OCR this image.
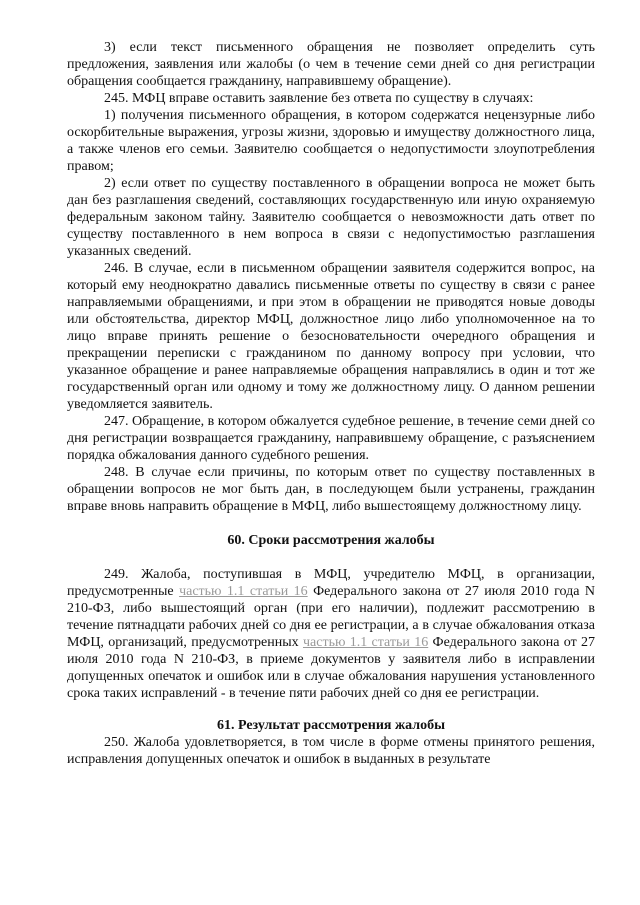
3) если текст письменного обращения не позволяет определить суть предложения, заявления или жалобы (о чем в течение семи дней со дня регистрации обращения сообщается гражданину, направившему обращение).

245. МФЦ вправе оставить заявление без ответа по существу в случаях:

1) получения письменного обращения, в котором содержатся нецензурные либо оскорбительные выражения, угрозы жизни, здоровью и имуществу должностного лица, а также членов его семьи. Заявителю сообщается о недопустимости злоупотребления правом;

2) если ответ по существу поставленного в обращении вопроса не может быть дан без разглашения сведений, составляющих государственную или иную охраняемую федеральным законом тайну. Заявителю сообщается о невозможности дать ответ по существу поставленного в нем вопроса в связи с недопустимостью разглашения указанных сведений.

246. В случае, если в письменном обращении заявителя содержится вопрос, на который ему неоднократно давались письменные ответы по существу в связи с ранее направляемыми обращениями, и при этом в обращении не приводятся новые доводы или обстоятельства, директор МФЦ, должностное лицо либо уполномоченное на то лицо вправе принять решение о безосновательности очередного обращения и прекращении переписки с гражданином по данному вопросу при условии, что указанное обращение и ранее направляемые обращения направлялись в один и тот же государственный орган или одному и тому же должностному лицу. О данном решении уведомляется заявитель.

247. Обращение, в котором обжалуется судебное решение, в течение семи дней со дня регистрации возвращается гражданину, направившему обращение, с разъяснением порядка обжалования данного судебного решения.

248. В случае если причины, по которым ответ по существу поставленных в обращении вопросов не мог быть дан, в последующем были устранены, гражданин вправе вновь направить обращение в МФЦ, либо вышестоящему должностному лицу.

60. Сроки рассмотрения жалобы

249. Жалоба, поступившая в МФЦ, учредителю МФЦ, в организации, предусмотренные частью 1.1 статьи 16 Федерального закона от 27 июля 2010 года N 210-ФЗ, либо вышестоящий орган (при его наличии), подлежит рассмотрению в течение пятнадцати рабочих дней со дня ее регистрации, а в случае обжалования отказа МФЦ, организаций, предусмотренных частью 1.1 статьи 16 Федерального закона от 27 июля 2010 года N 210-ФЗ, в приеме документов у заявителя либо в исправлении допущенных опечаток и ошибок или в случае обжалования нарушения установленного срока таких исправлений - в течение пяти рабочих дней со дня ее регистрации.

61. Результат рассмотрения жалобы

250. Жалоба удовлетворяется, в том числе в форме отмены принятого решения, исправления допущенных опечаток и ошибок в выданных в результате
